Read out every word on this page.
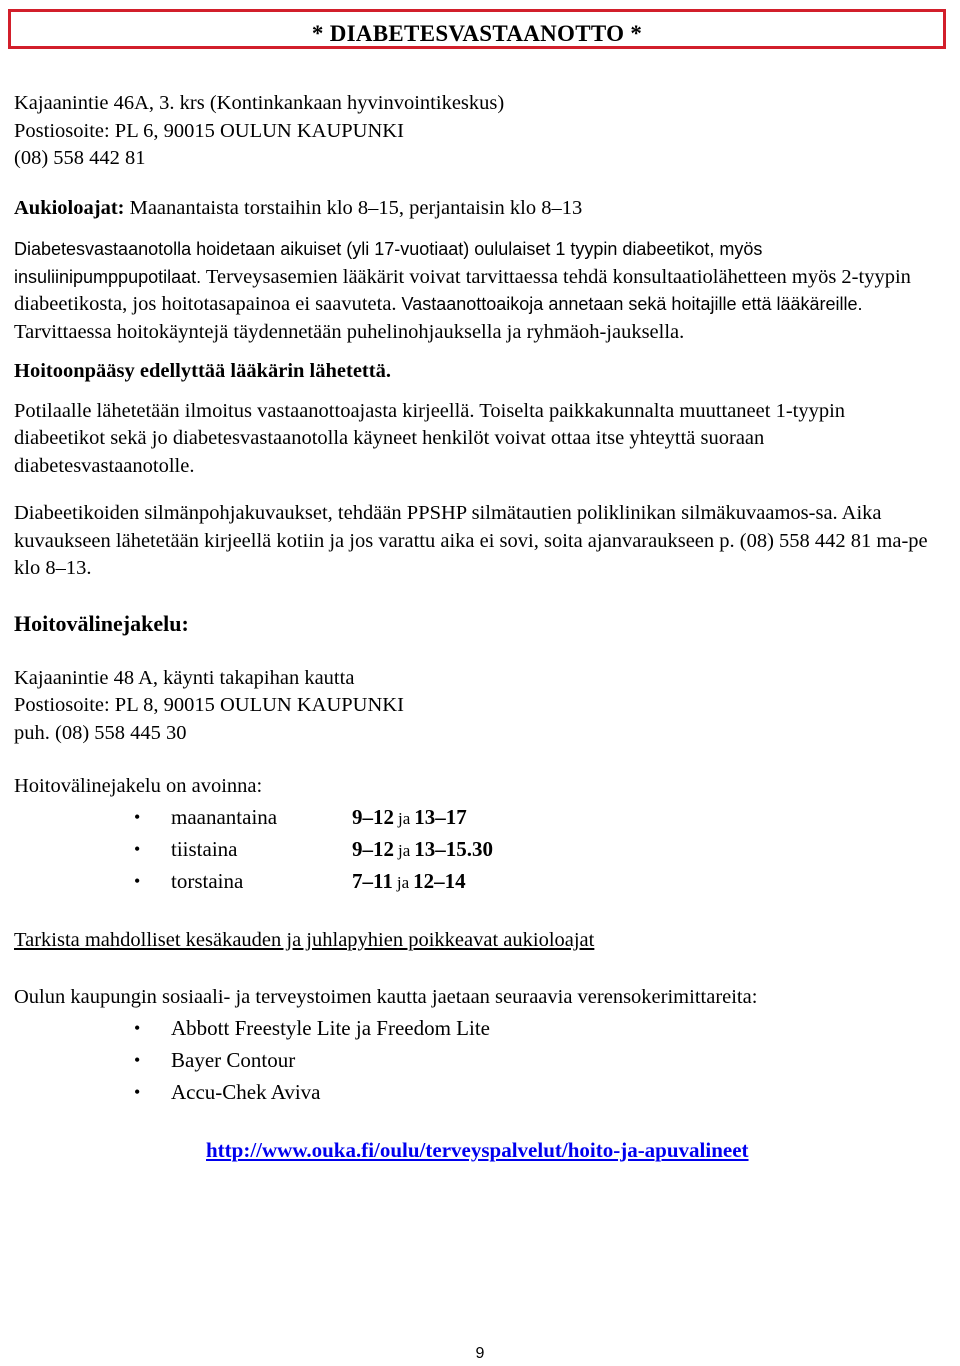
* DIABETESVASTAANOTTO *

Kajaanintie 46A, 3. krs (Kontinkankaan hyvinvointikeskus)

Postiosoite: PL 6, 90015 OULUN KAUPUNKI

(08) 558 442 81

Aukioloajat: Maanantaista torstaihin klo 8–15, perjantaisin klo 8–13

Diabetesvastaanotolla hoidetaan aikuiset (yli 17-vuotiaat) oululaiset 1 tyypin diabeetikot, myös insuliinipumppupotilaat. Terveysasemien lääkärit voivat tarvittaessa tehdä konsultaatiolähetteen myös 2-tyypin diabeetikosta, jos hoitotasapainoa ei saavuteta. Vastaanottoaikoja annetaan sekä hoitajille että lääkäreille. Tarvittaessa hoitokäyntejä täydennetään puhelinohjauksella ja ryhmäoh-jauksella.

Hoitoonpääsy edellyttää lääkärin lähetettä.

Potilaalle lähetetään ilmoitus vastaanottoajasta kirjeellä. Toiselta paikkakunnalta muuttaneet 1-tyypin diabeetikot sekä jo diabetesvastaanotolla käyneet henkilöt voivat ottaa itse yhteyttä suoraan diabetesvastaanotolle.

Diabeetikoiden silmänpohjakuvaukset, tehdään PPSHP silmätautien poliklinikan silmäkuvaamos-sa. Aika kuvaukseen lähetetään kirjeellä kotiin ja jos varattu aika ei sovi, soita ajanvaraukseen p. (08) 558 442 81 ma-pe klo 8–13.

Hoitovälinejakelu:

Kajaanintie 48 A, käynti takapihan kautta

Postiosoite: PL 8, 90015 OULUN KAUPUNKI

puh. (08) 558 445 30

Hoitovälinejakelu on avoinna:

• maanantaina	9–12 ja 13–17
• tiistaina	9–12 ja 13–15.30
• torstaina	7–11 ja 12–14

Tarkista mahdolliset kesäkauden ja juhlapyhien poikkeavat aukioloajat

Oulun kaupungin sosiaali- ja terveystoimen kautta jaetaan seuraavia verensokerimittareita:

• Abbott Freestyle Lite ja Freedom Lite
• Bayer Contour
• Accu-Chek Aviva
http://www.ouka.fi/oulu/terveyspalvelut/hoito-ja-apuvalineet
9
